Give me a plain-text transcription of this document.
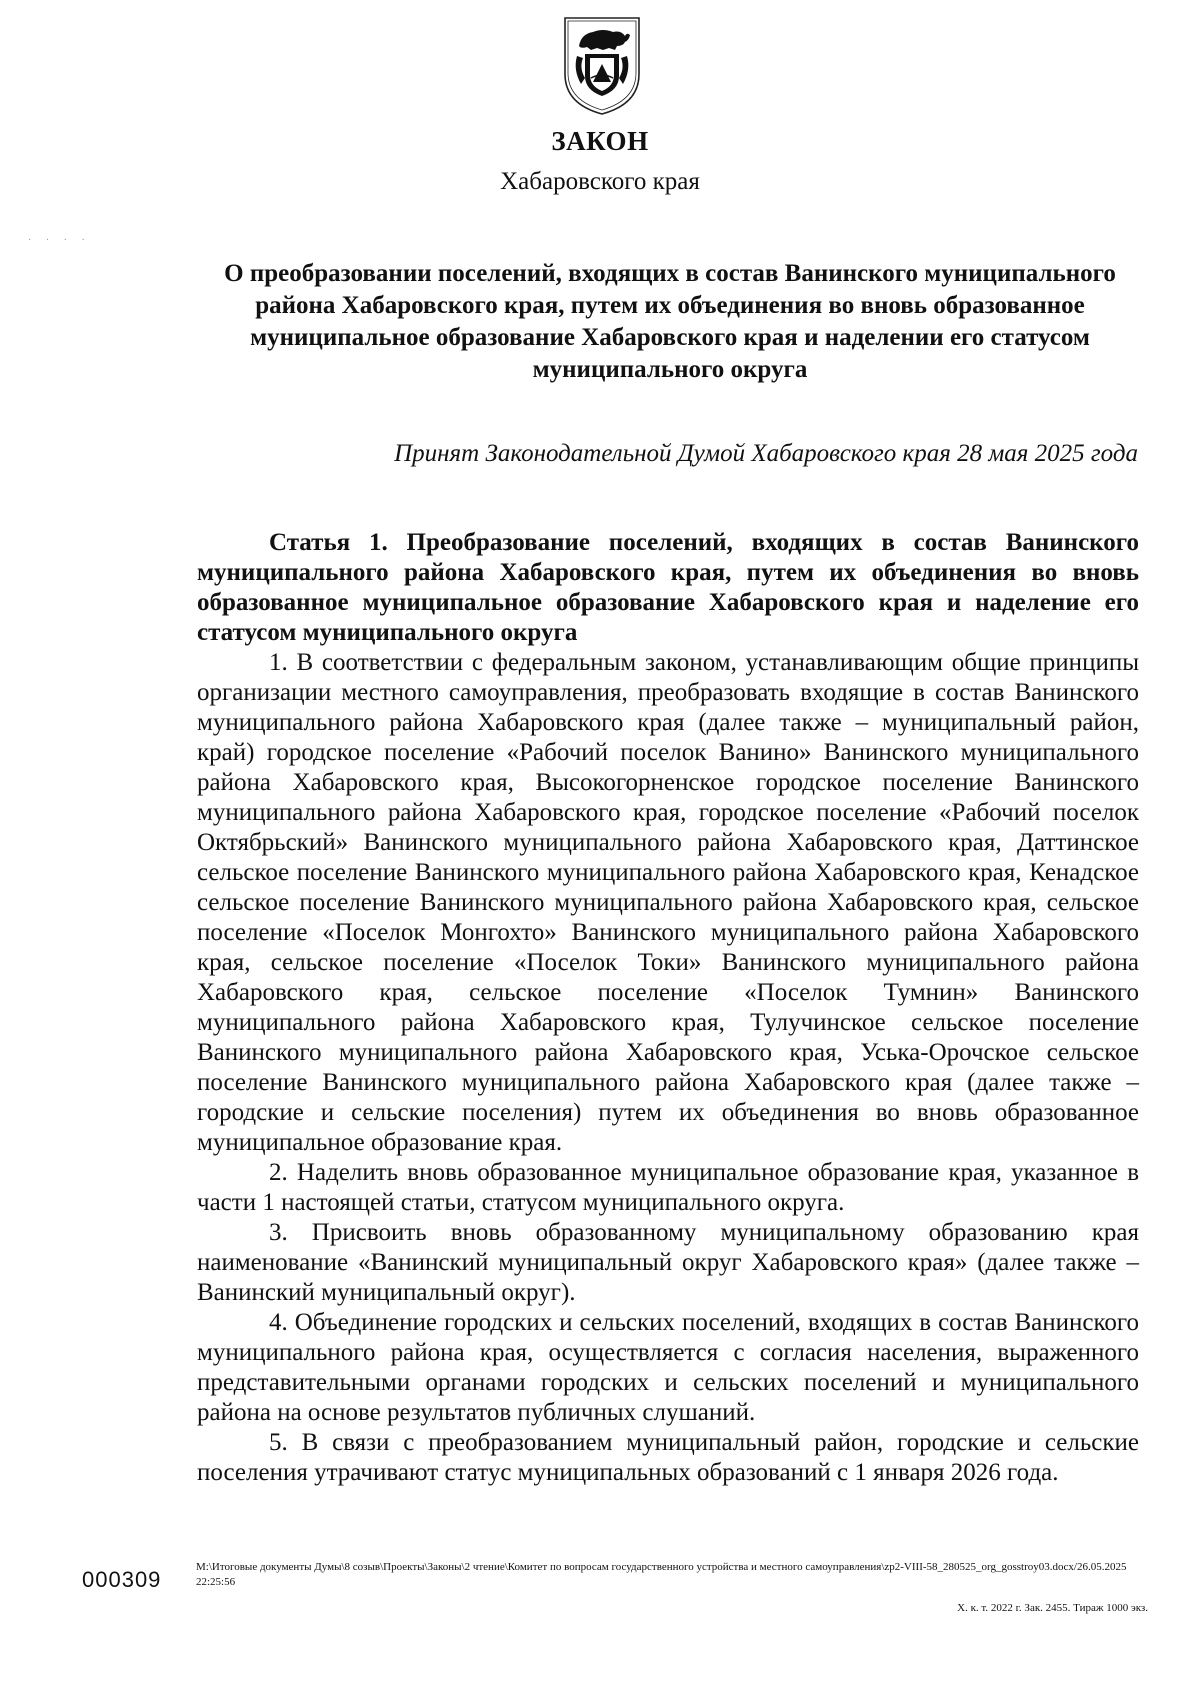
· · · ·
ЗАКОН
Хабаровского края
О преобразовании поселений, входящих в состав Ванинского муниципального района Хабаровского края, путем их объединения во вновь образованное муниципальное образование Хабаровского края и наделении его статусом муниципального округа
Принят Законодательной Думой Хабаровского края 28 мая 2025 года

Статья 1. Преобразование поселений, входящих в состав Ванинского муниципального района Хабаровского края, путем их объединения во вновь образованное муниципальное образование Хабаровского края и наделение его статусом муниципального округа

1. В соответствии с федеральным законом, устанавливающим общие принципы организации местного самоуправления, преобразовать входящие в состав Ванинского муниципального района Хабаровского края (далее также – муниципальный район, край) городское поселение «Рабочий поселок Ванино» Ванинского муниципального района Хабаровского края, Высокогорненское городское поселение Ванинского муниципального района Хабаровского края, городское поселение «Рабочий поселок Октябрьский» Ванинского муниципального района Хабаровского края, Даттинское сельское поселение Ванинского муниципального района Хабаровского края, Кенадское сельское поселение Ванинского муниципального района Хабаровского края, сельское поселение «Поселок Монгохто» Ванинского муниципального района Хабаровского края, сельское поселение «Поселок Токи» Ванинского муниципального района Хабаровского края, сельское поселение «Поселок Тумнин» Ванинского муниципального района Хабаровского края, Тулучинское сельское поселение Ванинского муниципального района Хабаровского края, Уська-Орочское сельское поселение Ванинского муниципального района Хабаровского края (далее также – городские и сельские поселения) путем их объединения во вновь образованное муниципальное образование края.

2. Наделить вновь образованное муниципальное образование края, указанное в части 1 настоящей статьи, статусом муниципального округа.

3. Присвоить вновь образованному муниципальному образованию края наименование «Ванинский муниципальный округ Хабаровского края» (далее также – Ванинский муниципальный округ).

4. Объединение городских и сельских поселений, входящих в состав Ванинского муниципального района края, осуществляется с согласия населения, выраженного представительными органами городских и сельских поселений и муниципального района на основе результатов публичных слушаний.

5. В связи с преобразованием муниципальный район, городские и сельские поселения утрачивают статус муниципальных образований с 1 января 2026 года.

000309	M:\Итоговые документы Думы\8 созыв\Проекты\Законы\2 чтение\Комитет по вопросам государственного устройства и местного самоуправления\zp2-VIII-58_280525_org_gosstroy03.docx/26.05.2025 22:25:56
Х. к. т. 2022 г. Зак. 2455. Тираж 1000 экз.
